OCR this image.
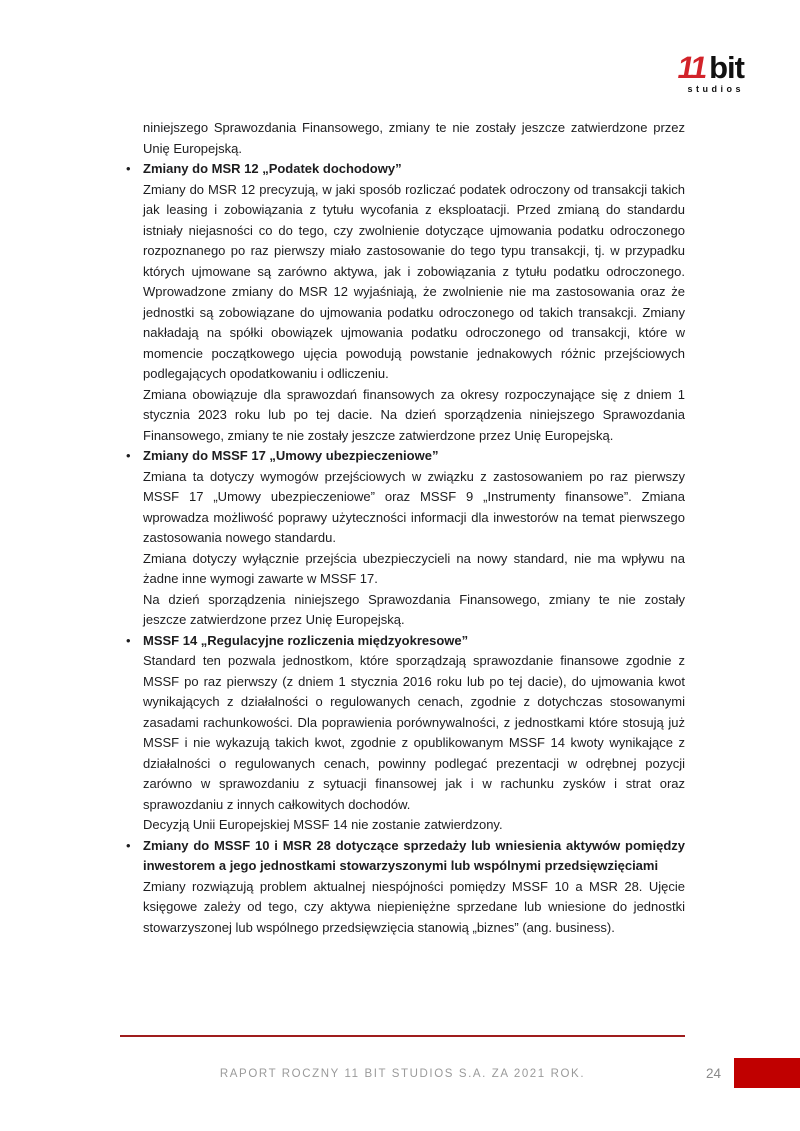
11 bit
studios

niniejszego Sprawozdania Finansowego, zmiany te nie zostały jeszcze zatwierdzone przez Unię Europejską.

• Zmiany do MSR 12 „Podatek dochodowy”

Zmiany do MSR 12 precyzują, w jaki sposób rozliczać podatek odroczony od transakcji takich jak leasing i zobowiązania z tytułu wycofania z eksploatacji. Przed zmianą do standardu istniały niejasności co do tego, czy zwolnienie dotyczące ujmowania podatku odroczonego rozpoznanego po raz pierwszy miało zastosowanie do tego typu transakcji, tj. w przypadku których ujmowane są zarówno aktywa, jak i zobowiązania z tytułu podatku odroczonego. Wprowadzone zmiany do MSR 12 wyjaśniają, że zwolnienie nie ma zastosowania oraz że jednostki są zobowiązane do ujmowania podatku odroczonego od takich transakcji. Zmiany nakładają na spółki obowiązek ujmowania podatku odroczonego od transakcji, które w momencie początkowego ujęcia powodują powstanie jednakowych różnic przejściowych podlegających opodatkowaniu i odliczeniu.

Zmiana obowiązuje dla sprawozdań finansowych za okresy rozpoczynające się z dniem 1 stycznia 2023 roku lub po tej dacie. Na dzień sporządzenia niniejszego Sprawozdania Finansowego, zmiany te nie zostały jeszcze zatwierdzone przez Unię Europejską.

• Zmiany do MSSF 17 „Umowy ubezpieczeniowe”

Zmiana ta dotyczy wymogów przejściowych w związku z zastosowaniem po raz pierwszy MSSF 17 „Umowy ubezpieczeniowe” oraz MSSF 9 „Instrumenty finansowe”. Zmiana wprowadza możliwość poprawy użyteczności informacji dla inwestorów na temat pierwszego zastosowania nowego standardu.

Zmiana dotyczy wyłącznie przejścia ubezpieczycieli na nowy standard, nie ma wpływu na żadne inne wymogi zawarte w MSSF 17.

Na dzień sporządzenia niniejszego Sprawozdania Finansowego, zmiany te nie zostały jeszcze zatwierdzone przez Unię Europejską.

• MSSF 14 „Regulacyjne rozliczenia międzyokresowe”

Standard ten pozwala jednostkom, które sporządzają sprawozdanie finansowe zgodnie z MSSF po raz pierwszy (z dniem 1 stycznia 2016 roku lub po tej dacie), do ujmowania kwot wynikających z działalności o regulowanych cenach, zgodnie z dotychczas stosowanymi zasadami rachunkowości. Dla poprawienia porównywalności, z jednostkami które stosują już MSSF i nie wykazują takich kwot, zgodnie z opublikowanym MSSF 14 kwoty wynikające z działalności o regulowanych cenach, powinny podlegać prezentacji w odrębnej pozycji zarówno w sprawozdaniu z sytuacji finansowej jak i w rachunku zysków i strat oraz sprawozdaniu z innych całkowitych dochodów.

Decyzją Unii Europejskiej MSSF 14 nie zostanie zatwierdzony.

• Zmiany do MSSF 10 i MSR 28 dotyczące sprzedaży lub wniesienia aktywów pomiędzy inwestorem a jego jednostkami stowarzyszonymi lub wspólnymi przedsięwzięciami

Zmiany rozwiązują problem aktualnej niespójności pomiędzy MSSF 10 a MSR 28. Ujęcie księgowe zależy od tego, czy aktywa niepieniężne sprzedane lub wniesione do jednostki stowarzyszonej lub wspólnego przedsięwzięcia stanowią „biznes” (ang. business).

RAPORT ROCZNY 11 BIT STUDIOS S.A. ZA 2021 ROK.	24
